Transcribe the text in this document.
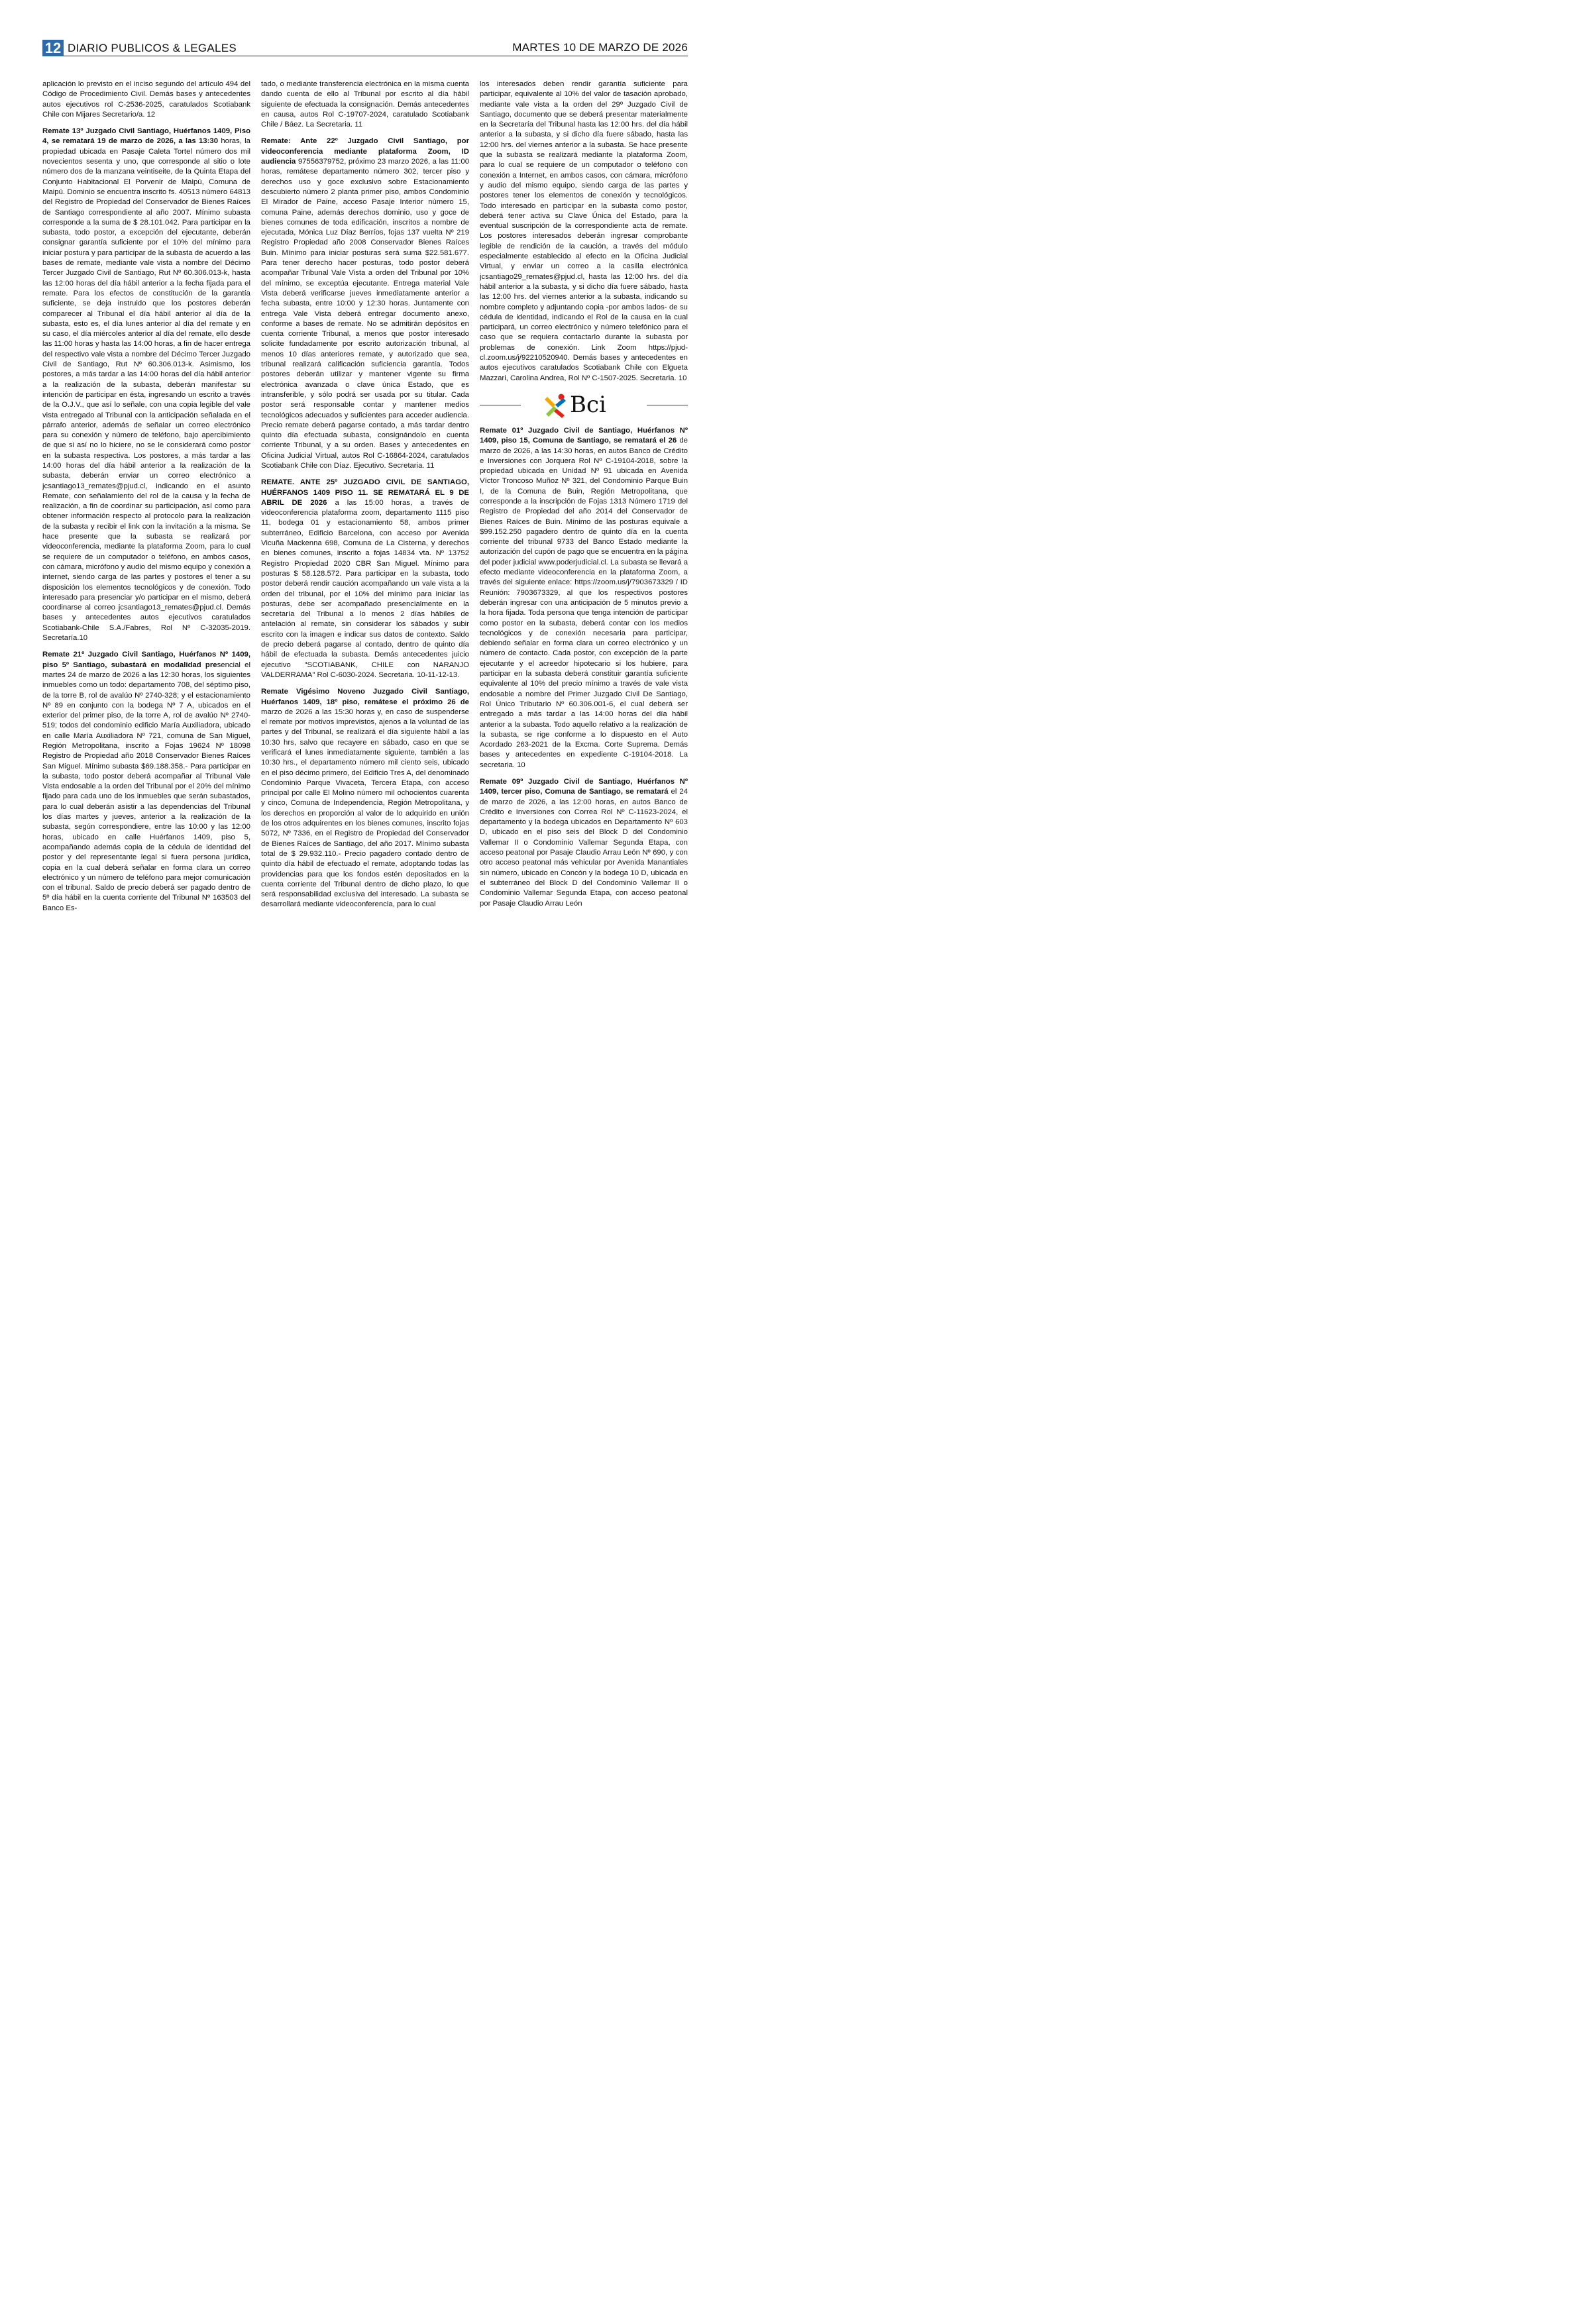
12 DIARIO PUBLICOS & LEGALES	MARTES 10 DE MARZO DE 2026

aplicación lo previsto en el inciso segundo del artículo 494 del Código de Procedimiento Civil. Demás bases y antecedentes autos ejecutivos rol C-2536-2025, caratulados Scotiabank Chile con Mijares Secretario/a. 12

Remate 13º Juzgado Civil Santiago, Huérfanos 1409, Piso 4, se rematará 19 de marzo de 2026, a las 13:30 horas, la propiedad ubicada en Pasaje Caleta Tortel número dos mil novecientos sesenta y uno, que corresponde al sitio o lote número dos de la manzana veintiseite, de la Quinta Etapa del Conjunto Habitacional El Porvenir de Maipú, Comuna de Maipú. Dominio se encuentra inscrito fs. 40513 número 64813 del Registro de Propiedad del Conservador de Bienes Raíces de Santiago correspondiente al año 2007. Mínimo subasta corresponde a la suma de $ 28.101.042. Para participar en la subasta, todo postor, a excepción del ejecutante, deberán consignar garantía suficiente por el 10% del mínimo para iniciar postura y para participar de la subasta de acuerdo a las bases de remate, mediante vale vista a nombre del Décimo Tercer Juzgado Civil de Santiago, Rut Nº 60.306.013-k, hasta las 12:00 horas del día hábil anterior a la fecha fijada para el remate. Para los efectos de constitución de la garantía suficiente, se deja instruido que los postores deberán comparecer al Tribunal el día hábil anterior al día de la subasta, esto es, el día lunes anterior al día del remate y en su caso, el día miércoles anterior al día del remate, ello desde las 11:00 horas y hasta las 14:00 horas, a fin de hacer entrega del respectivo vale vista a nombre del Décimo Tercer Juzgado Civil de Santiago, Rut Nº 60.306.013-k. Asimismo, los postores, a más tardar a las 14:00 horas del día hábil anterior a la realización de la subasta, deberán manifestar su intención de participar en ésta, ingresando un escrito a través de la O.J.V., que así lo señale, con una copia legible del vale vista entregado al Tribunal con la anticipación señalada en el párrafo anterior, además de señalar un correo electrónico para su conexión y número de teléfono, bajo apercibimiento de que si así no lo hiciere, no se le considerará como postor en la subasta respectiva. Los postores, a más tardar a las 14:00 horas del día hábil anterior a la realización de la subasta, deberán enviar un correo electrónico a jcsantiago13_remates@pjud.cl, indicando en el asunto Remate, con señalamiento del rol de la causa y la fecha de realización, a fin de coordinar su participación, así como para obtener información respecto al protocolo para la realización de la subasta y recibir el link con la invitación a la misma. Se hace presente que la subasta se realizará por videoconferencia, mediante la plataforma Zoom, para lo cual se requiere de un computador o teléfono, en ambos casos, con cámara, micrófono y audio del mismo equipo y conexión a internet, siendo carga de las partes y postores el tener a su disposición los elementos tecnológicos y de conexión. Todo interesado para presenciar y/o participar en el mismo, deberá coordinarse al correo jcsantiago13_remates@pjud.cl. Demás bases y antecedentes autos ejecutivos caratulados Scotiabank-Chile S.A./Fabres, Rol Nº C-32035-2019. Secretaría.10

Remate 21º Juzgado Civil Santiago, Huérfanos Nº 1409, piso 5º Santiago, subastará en modalidad presencial el martes 24 de marzo de 2026 a las 12:30 horas, los siguientes inmuebles como un todo: departamento 708, del séptimo piso, de la torre B, rol de avalúo Nº 2740-328; y el estacionamiento Nº 89 en conjunto con la bodega Nº 7 A, ubicados en el exterior del primer piso, de la torre A, rol de avalúo Nº 2740-519; todos del condominio edificio María Auxiliadora, ubicado en calle María Auxiliadora Nº 721, comuna de San Miguel, Región Metropolitana, inscrito a Fojas 19624 Nº 18098 Registro de Propiedad año 2018 Conservador Bienes Raíces San Miguel. Mínimo subasta $69.188.358.- Para participar en la subasta, todo postor deberá acompañar al Tribunal Vale Vista endosable a la orden del Tribunal por el 20% del mínimo fijado para cada uno de los inmuebles que serán subastados, para lo cual deberán asistir a las dependencias del Tribunal los días martes y jueves, anterior a la realización de la subasta, según correspondiere, entre las 10:00 y las 12:00 horas, ubicado en calle Huérfanos 1409, piso 5, acompañando además copia de la cédula de identidad del postor y del representante legal si fuera persona jurídica, copia en la cual deberá señalar en forma clara un correo electrónico y un número de teléfono para mejor comunicación con el tribunal. Saldo de precio deberá ser pagado dentro de 5º día hábil en la cuenta corriente del Tribunal Nº 163503 del Banco Es-

tado, o mediante transferencia electrónica en la misma cuenta dando cuenta de ello al Tribunal por escrito al día hábil siguiente de efectuada la consignación. Demás antecedentes en causa, autos Rol C-19707-2024, caratulado Scotiabank Chile / Báez. La Secretaria. 11

Remate: Ante 22º Juzgado Civil Santiago, por videoconferencia mediante plataforma Zoom, ID audiencia 97556379752, próximo 23 marzo 2026, a las 11:00 horas, remátese departamento número 302, tercer piso y derechos uso y goce exclusivo sobre Estacionamiento descubierto número 2 planta primer piso, ambos Condominio El Mirador de Paine, acceso Pasaje Interior número 15, comuna Paine, además derechos dominio, uso y goce de bienes comunes de toda edificación, inscritos a nombre de ejecutada, Mónica Luz Díaz Berríos, fojas 137 vuelta Nº 219 Registro Propiedad año 2008 Conservador Bienes Raíces Buin. Mínimo para iniciar posturas será suma $22.581.677. Para tener derecho hacer posturas, todo postor deberá acompañar Tribunal Vale Vista a orden del Tribunal por 10% del mínimo, se exceptúa ejecutante. Entrega material Vale Vista deberá verificarse jueves inmediatamente anterior a fecha subasta, entre 10:00 y 12:30 horas. Juntamente con entrega Vale Vista deberá entregar documento anexo, conforme a bases de remate. No se admitirán depósitos en cuenta corriente Tribunal, a menos que postor interesado solicite fundadamente por escrito autorización tribunal, al menos 10 días anteriores remate, y autorizado que sea, tribunal realizará calificación suficiencia garantía. Todos postores deberán utilizar y mantener vigente su firma electrónica avanzada o clave única Estado, que es intransferible, y sólo podrá ser usada por su titular. Cada postor será responsable contar y mantener medios tecnológicos adecuados y suficientes para acceder audiencia. Precio remate deberá pagarse contado, a más tardar dentro quinto día efectuada subasta, consignándolo en cuenta corriente Tribunal, y a su orden. Bases y antecedentes en Oficina Judicial Virtual, autos Rol C-16864-2024, caratulados Scotiabank Chile con Díaz. Ejecutivo. Secretaria. 11

REMATE. ANTE 25º JUZGADO CIVIL DE SANTIAGO, HUÉRFANOS 1409 PISO 11. SE REMATARÁ EL 9 DE ABRIL DE 2026 a las 15:00 horas, a través de videoconferencia plataforma zoom, departamento 1115 piso 11, bodega 01 y estacionamiento 58, ambos primer subterráneo, Edificio Barcelona, con acceso por Avenida Vicuña Mackenna 698, Comuna de La Cisterna, y derechos en bienes comunes, inscrito a fojas 14834 vta. Nº 13752 Registro Propiedad 2020 CBR San Miguel. Mínimo para posturas $ 58.128.572. Para participar en la subasta, todo postor deberá rendir caución acompañando un vale vista a la orden del tribunal, por el 10% del mínimo para iniciar las posturas, debe ser acompañado presencialmente en la secretaría del Tribunal a lo menos 2 días hábiles de antelación al remate, sin considerar los sábados y subir escrito con la imagen e indicar sus datos de contexto. Saldo de precio deberá pagarse al contado, dentro de quinto día hábil de efectuada la subasta. Demás antecedentes juicio ejecutivo "SCOTIABANK, CHILE con NARANJO VALDERRAMA" Rol C-6030-2024. Secretaria. 10-11-12-13.

Remate Vigésimo Noveno Juzgado Civil Santiago, Huérfanos 1409, 18º piso, remátese el próximo 26 de marzo de 2026 a las 15:30 horas y, en caso de suspenderse el remate por motivos imprevistos, ajenos a la voluntad de las partes y del Tribunal, se realizará el día siguiente hábil a las 10:30 hrs, salvo que recayere en sábado, caso en que se verificará el lunes inmediatamente siguiente, también a las 10:30 hrs., el departamento número mil ciento seis, ubicado en el piso décimo primero, del Edificio Tres A, del denominado Condominio Parque Vivaceta, Tercera Etapa, con acceso principal por calle El Molino número mil ochocientos cuarenta y cinco, Comuna de Independencia, Región Metropolitana, y los derechos en proporción al valor de lo adquirido en unión de los otros adquirentes en los bienes comunes, inscrito fojas 5072, Nº 7336, en el Registro de Propiedad del Conservador de Bienes Raíces de Santiago, del año 2017. Mínimo subasta total de $ 29.932.110.- Precio pagadero contado dentro de quinto día hábil de efectuado el remate, adoptando todas las providencias para que los fondos estén depositados en la cuenta corriente del Tribunal dentro de dicho plazo, lo que será responsabilidad exclusiva del interesado. La subasta se desarrollará mediante videoconferencia, para lo cual

los interesados deben rendir garantía suficiente para participar, equivalente al 10% del valor de tasación aprobado, mediante vale vista a la orden del 29º Juzgado Civil de Santiago, documento que se deberá presentar materialmente en la Secretaría del Tribunal hasta las 12:00 hrs. del día hábil anterior a la subasta, y si dicho día fuere sábado, hasta las 12:00 hrs. del viernes anterior a la subasta. Se hace presente que la subasta se realizará mediante la plataforma Zoom, para lo cual se requiere de un computador o teléfono con conexión a Internet, en ambos casos, con cámara, micrófono y audio del mismo equipo, siendo carga de las partes y postores tener los elementos de conexión y tecnológicos. Todo interesado en participar en la subasta como postor, deberá tener activa su Clave Única del Estado, para la eventual suscripción de la correspondiente acta de remate. Los postores interesados deberán ingresar comprobante legible de rendición de la caución, a través del módulo especialmente establecido al efecto en la Oficina Judicial Virtual, y enviar un correo a la casilla electrónica jcsantiago29_remates@pjud.cl, hasta las 12:00 hrs. del día hábil anterior a la subasta, y si dicho día fuere sábado, hasta las 12:00 hrs. del viernes anterior a la subasta, indicando su nombre completo y adjuntando copia -por ambos lados- de su cédula de identidad, indicando el Rol de la causa en la cual participará, un correo electrónico y número telefónico para el caso que se requiera contactarlo durante la subasta por problemas de conexión. Link Zoom https://pjud-cl.zoom.us/j/92210520940. Demás bases y antecedentes en autos ejecutivos caratulados Scotiabank Chile con Elgueta Mazzari, Carolina Andrea, Rol Nº C-1507-2025. Secretaria. 10

Bci

Remate 01º Juzgado Civil de Santiago, Huérfanos Nº 1409, piso 15, Comuna de Santiago, se rematará el 26 de marzo de 2026, a las 14:30 horas, en autos Banco de Crédito e Inversiones con Jorquera Rol Nº C-19104-2018, sobre la propiedad ubicada en Unidad Nº 91 ubicada en Avenida Víctor Troncoso Muñoz Nº 321, del Condominio Parque Buin I, de la Comuna de Buin, Región Metropolitana, que corresponde a la inscripción de Fojas 1313 Número 1719 del Registro de Propiedad del año 2014 del Conservador de Bienes Raíces de Buin. Mínimo de las posturas equivale a $99.152.250 pagadero dentro de quinto día en la cuenta corriente del tribunal 9733 del Banco Estado mediante la autorización del cupón de pago que se encuentra en la página del poder judicial www.poderjudicial.cl. La subasta se llevará a efecto mediante videoconferencia en la plataforma Zoom, a través del siguiente enlace: https://zoom.us/j/7903673329 / ID Reunión: 7903673329, al que los respectivos postores deberán ingresar con una anticipación de 5 minutos previo a la hora fijada. Toda persona que tenga intención de participar como postor en la subasta, deberá contar con los medios tecnológicos y de conexión necesaria para participar, debiendo señalar en forma clara un correo electrónico y un número de contacto. Cada postor, con excepción de la parte ejecutante y el acreedor hipotecario si los hubiere, para participar en la subasta deberá constituir garantía suficiente equivalente al 10% del precio mínimo a través de vale vista endosable a nombre del Primer Juzgado Civil De Santiago, Rol Único Tributario Nº 60.306.001-6, el cual deberá ser entregado a más tardar a las 14:00 horas del día hábil anterior a la subasta. Todo aquello relativo a la realización de la subasta, se rige conforme a lo dispuesto en el Auto Acordado 263-2021 de la Excma. Corte Suprema. Demás bases y antecedentes en expediente C-19104-2018. La secretaria. 10

Remate 09º Juzgado Civil de Santiago, Huérfanos Nº 1409, tercer piso, Comuna de Santiago, se rematará el 24 de marzo de 2026, a las 12:00 horas, en autos Banco de Crédito e Inversiones con Correa Rol Nº C-11623-2024, el departamento y la bodega ubicados en Departamento Nº 603 D, ubicado en el piso seis del Block D del Condominio Vallemar II o Condominio Vallemar Segunda Etapa, con acceso peatonal por Pasaje Claudio Arrau León Nº 690, y con otro acceso peatonal más vehicular por Avenida Manantiales sin número, ubicado en Concón y la bodega 10 D, ubicada en el subterráneo del Block D del Condominio Vallemar II o Condominio Vallemar Segunda Etapa, con acceso peatonal por Pasaje Claudio Arrau León
